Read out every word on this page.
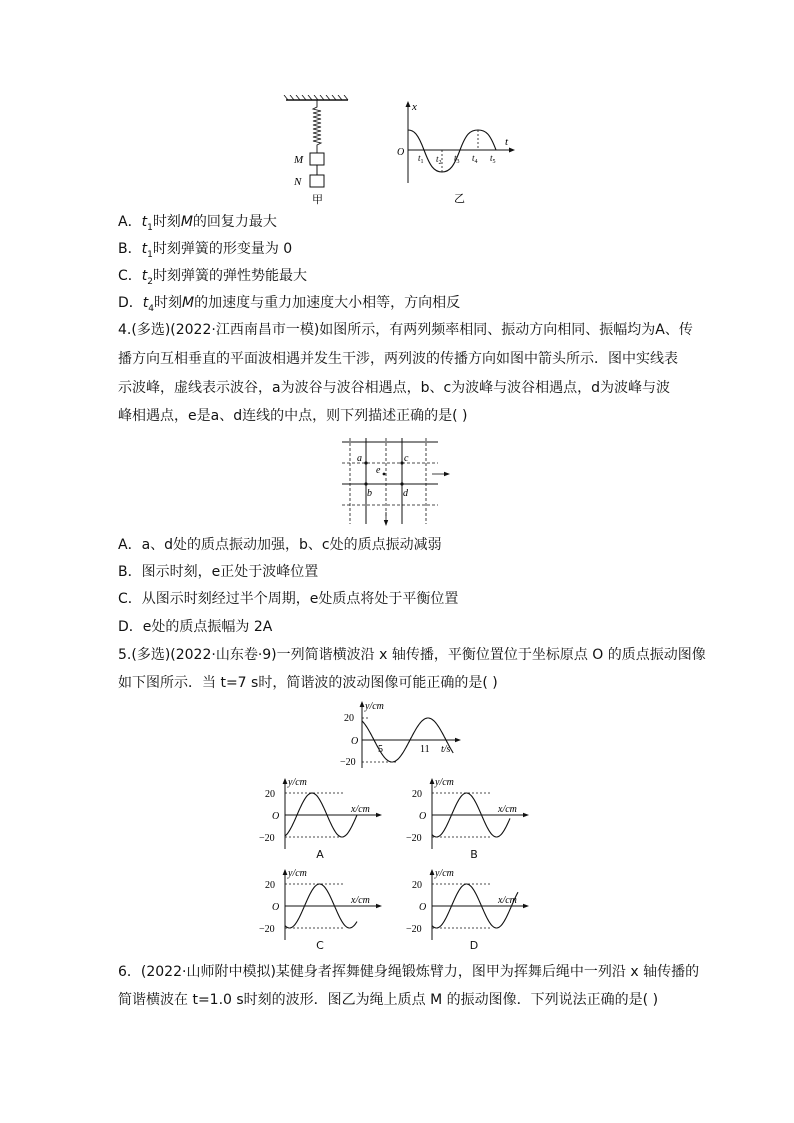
M
N
甲
x
t
O $t_1$ $t_2$ $t_3$ $t_4$ $t_5$
乙
A．$t_1$时刻M的回复力最大
B．$t_1$时刻弹簧的形变量为 0
C．$t_2$时刻弹簧的弹性势能最大
D．$t_4$时刻M的加速度与重力加速度大小相等，方向相反
4.(多选)(2022·江西南昌市一模)如图所示，有两列频率相同、振动方向相同、振幅均为A、传
播方向互相垂直的平面波相遇并发生干涉，两列波的传播方向如图中箭头所示．图中实线表
示波峰，虚线表示波谷，a为波谷与波谷相遇点，b、c为波峰与波谷相遇点，d为波峰与波
峰相遇点，e是a、d连线的中点，则下列描述正确的是( )
a	c
e
b	d
A．a、d处的质点振动加强，b、c处的质点振动减弱
B．图示时刻，e正处于波峰位置
C．从图示时刻经过半个周期，e处质点将处于平衡位置
D．e处的质点振幅为 2A
5.(多选)(2022·山东卷·9)一列简谐横波沿 x 轴传播，平衡位置位于坐标原点 O 的质点振动图像
如下图所示．当 t=7 s时，简谐波的波动图像可能正确的是( )
y/cm
20
O
−20
5	11 t/s
y/cm
20
O
−20
x/cm
A
y/cm
20
O
−20
x/cm
B
y/cm
20
O
−20
x/cm
C
y/cm
20
O
−20
x/cm
D
6．(2022·山师附中模拟)某健身者挥舞健身绳锻炼臂力，图甲为挥舞后绳中一列沿 x 轴传播的
简谐横波在 t=1.0 s时刻的波形．图乙为绳上质点 M 的振动图像．下列说法正确的是( )
